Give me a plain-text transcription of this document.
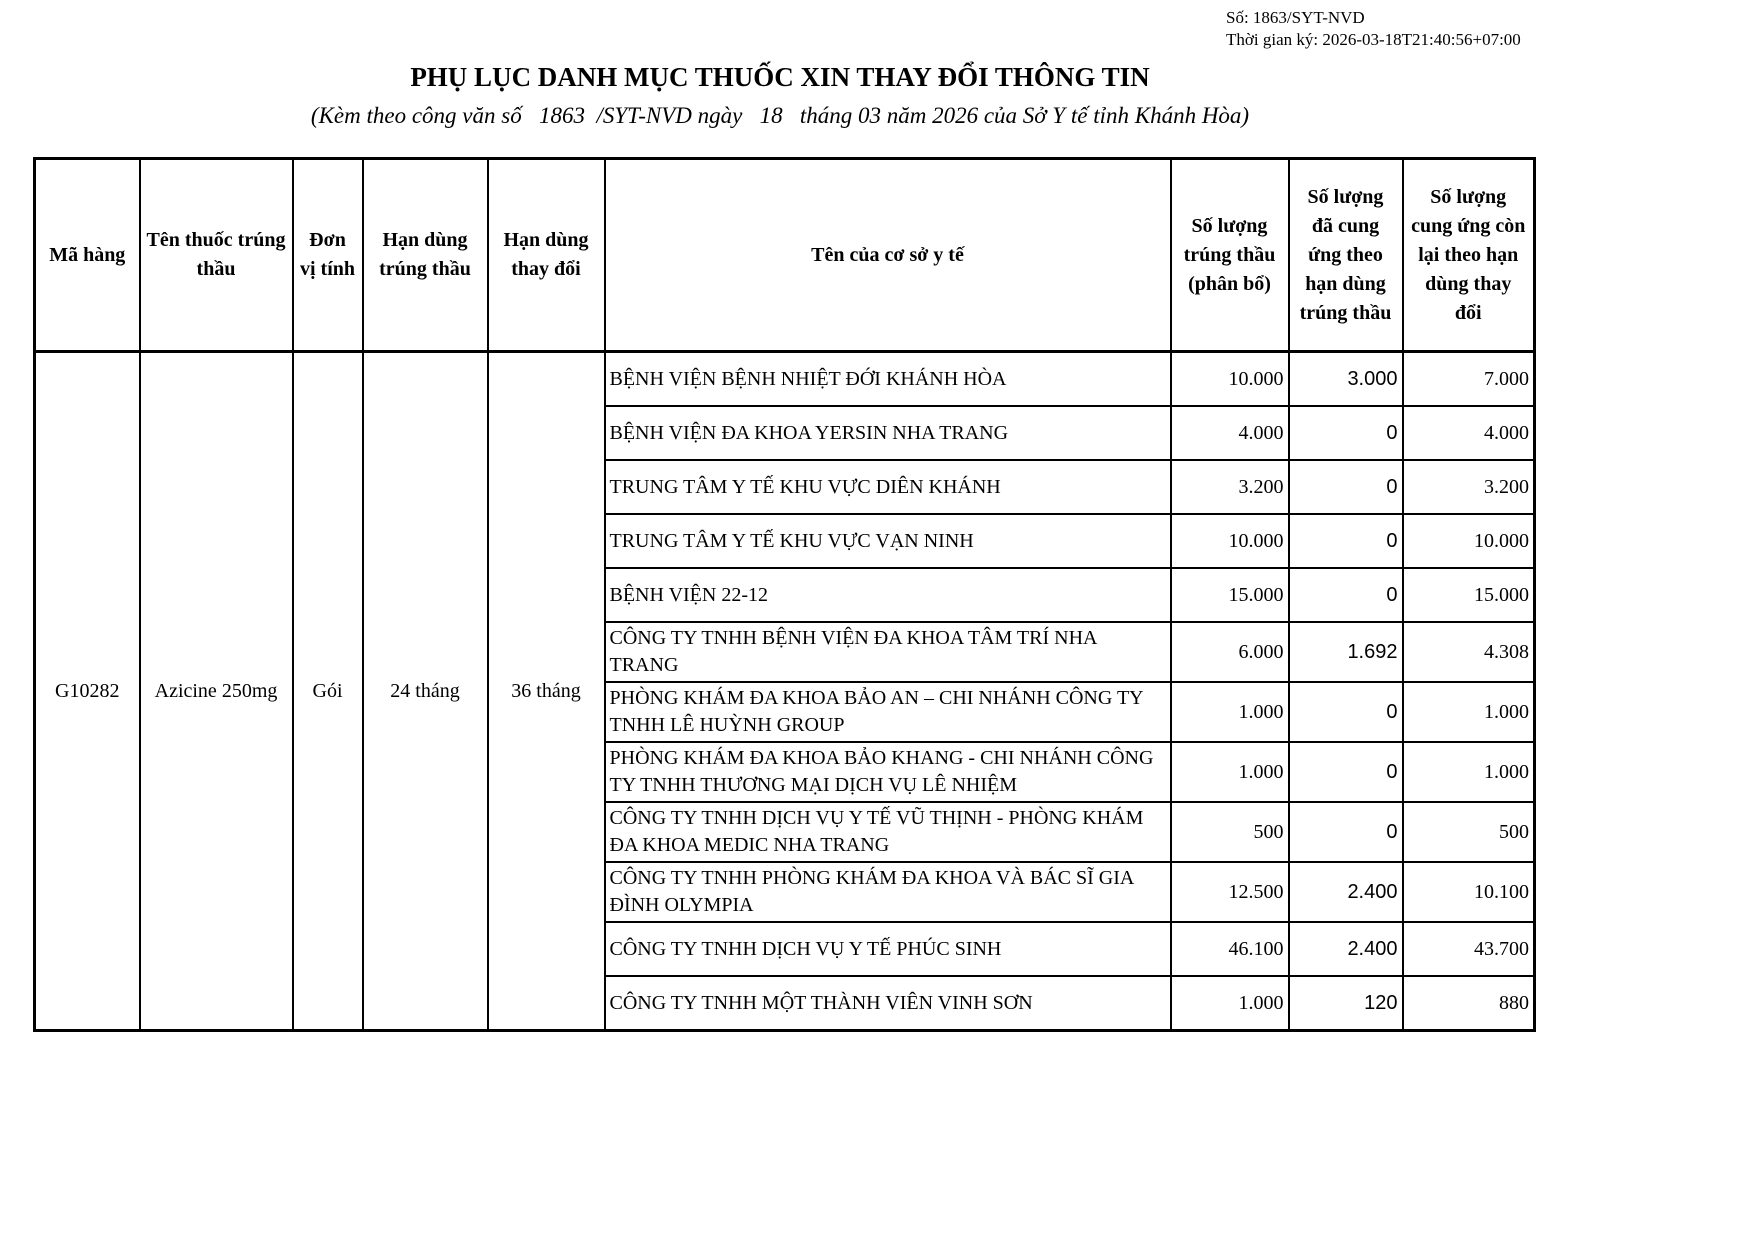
Số: 1863/SYT-NVD
Thời gian ký: 2026-03-18T21:40:56+07:00

PHỤ LỤC DANH MỤC THUỐC XIN THAY ĐỔI THÔNG TIN

(Kèm theo công văn số   1863  /SYT-NVD ngày   18   tháng 03 năm 2026 của Sở Y tế tỉnh Khánh Hòa)

Mã hàng	Tên thuốc trúng thầu	Đơn vị tính	Hạn dùng trúng thầu	Hạn dùng thay đổi	Tên của cơ sở y tế	Số lượng trúng thầu (phân bổ)	Số lượng đã cung ứng theo hạn dùng trúng thầu	Số lượng cung ứng còn lại theo hạn dùng thay đổi
G10282	Azicine 250mg	Gói	24 tháng	36 tháng	BỆNH VIỆN BỆNH NHIỆT ĐỚI KHÁNH HÒA	10.000	3.000	7.000
					BỆNH VIỆN ĐA KHOA YERSIN NHA TRANG	4.000	0	4.000
					TRUNG TÂM Y TẾ KHU VỰC DIÊN KHÁNH	3.200	0	3.200
					TRUNG TÂM Y TẾ KHU VỰC VẠN NINH	10.000	0	10.000
					BỆNH VIỆN 22-12	15.000	0	15.000
					CÔNG TY TNHH BỆNH VIỆN ĐA KHOA TÂM TRÍ NHA TRANG	6.000	1.692	4.308
					PHÒNG KHÁM ĐA KHOA BẢO AN – CHI NHÁNH CÔNG TY TNHH LÊ HUỲNH GROUP	1.000	0	1.000
					PHÒNG KHÁM ĐA KHOA BẢO KHANG - CHI NHÁNH CÔNG TY TNHH THƯƠNG MẠI DỊCH VỤ LÊ NHIỆM	1.000	0	1.000
					CÔNG TY TNHH DỊCH VỤ Y TẾ VŨ THỊNH - PHÒNG KHÁM ĐA KHOA MEDIC NHA TRANG	500	0	500
					CÔNG TY TNHH PHÒNG KHÁM ĐA KHOA VÀ BÁC SĨ GIA ĐÌNH OLYMPIA	12.500	2.400	10.100
					CÔNG TY TNHH DỊCH VỤ Y TẾ PHÚC SINH	46.100	2.400	43.700
					CÔNG TY TNHH MỘT THÀNH VIÊN VINH SƠN	1.000	120	880
